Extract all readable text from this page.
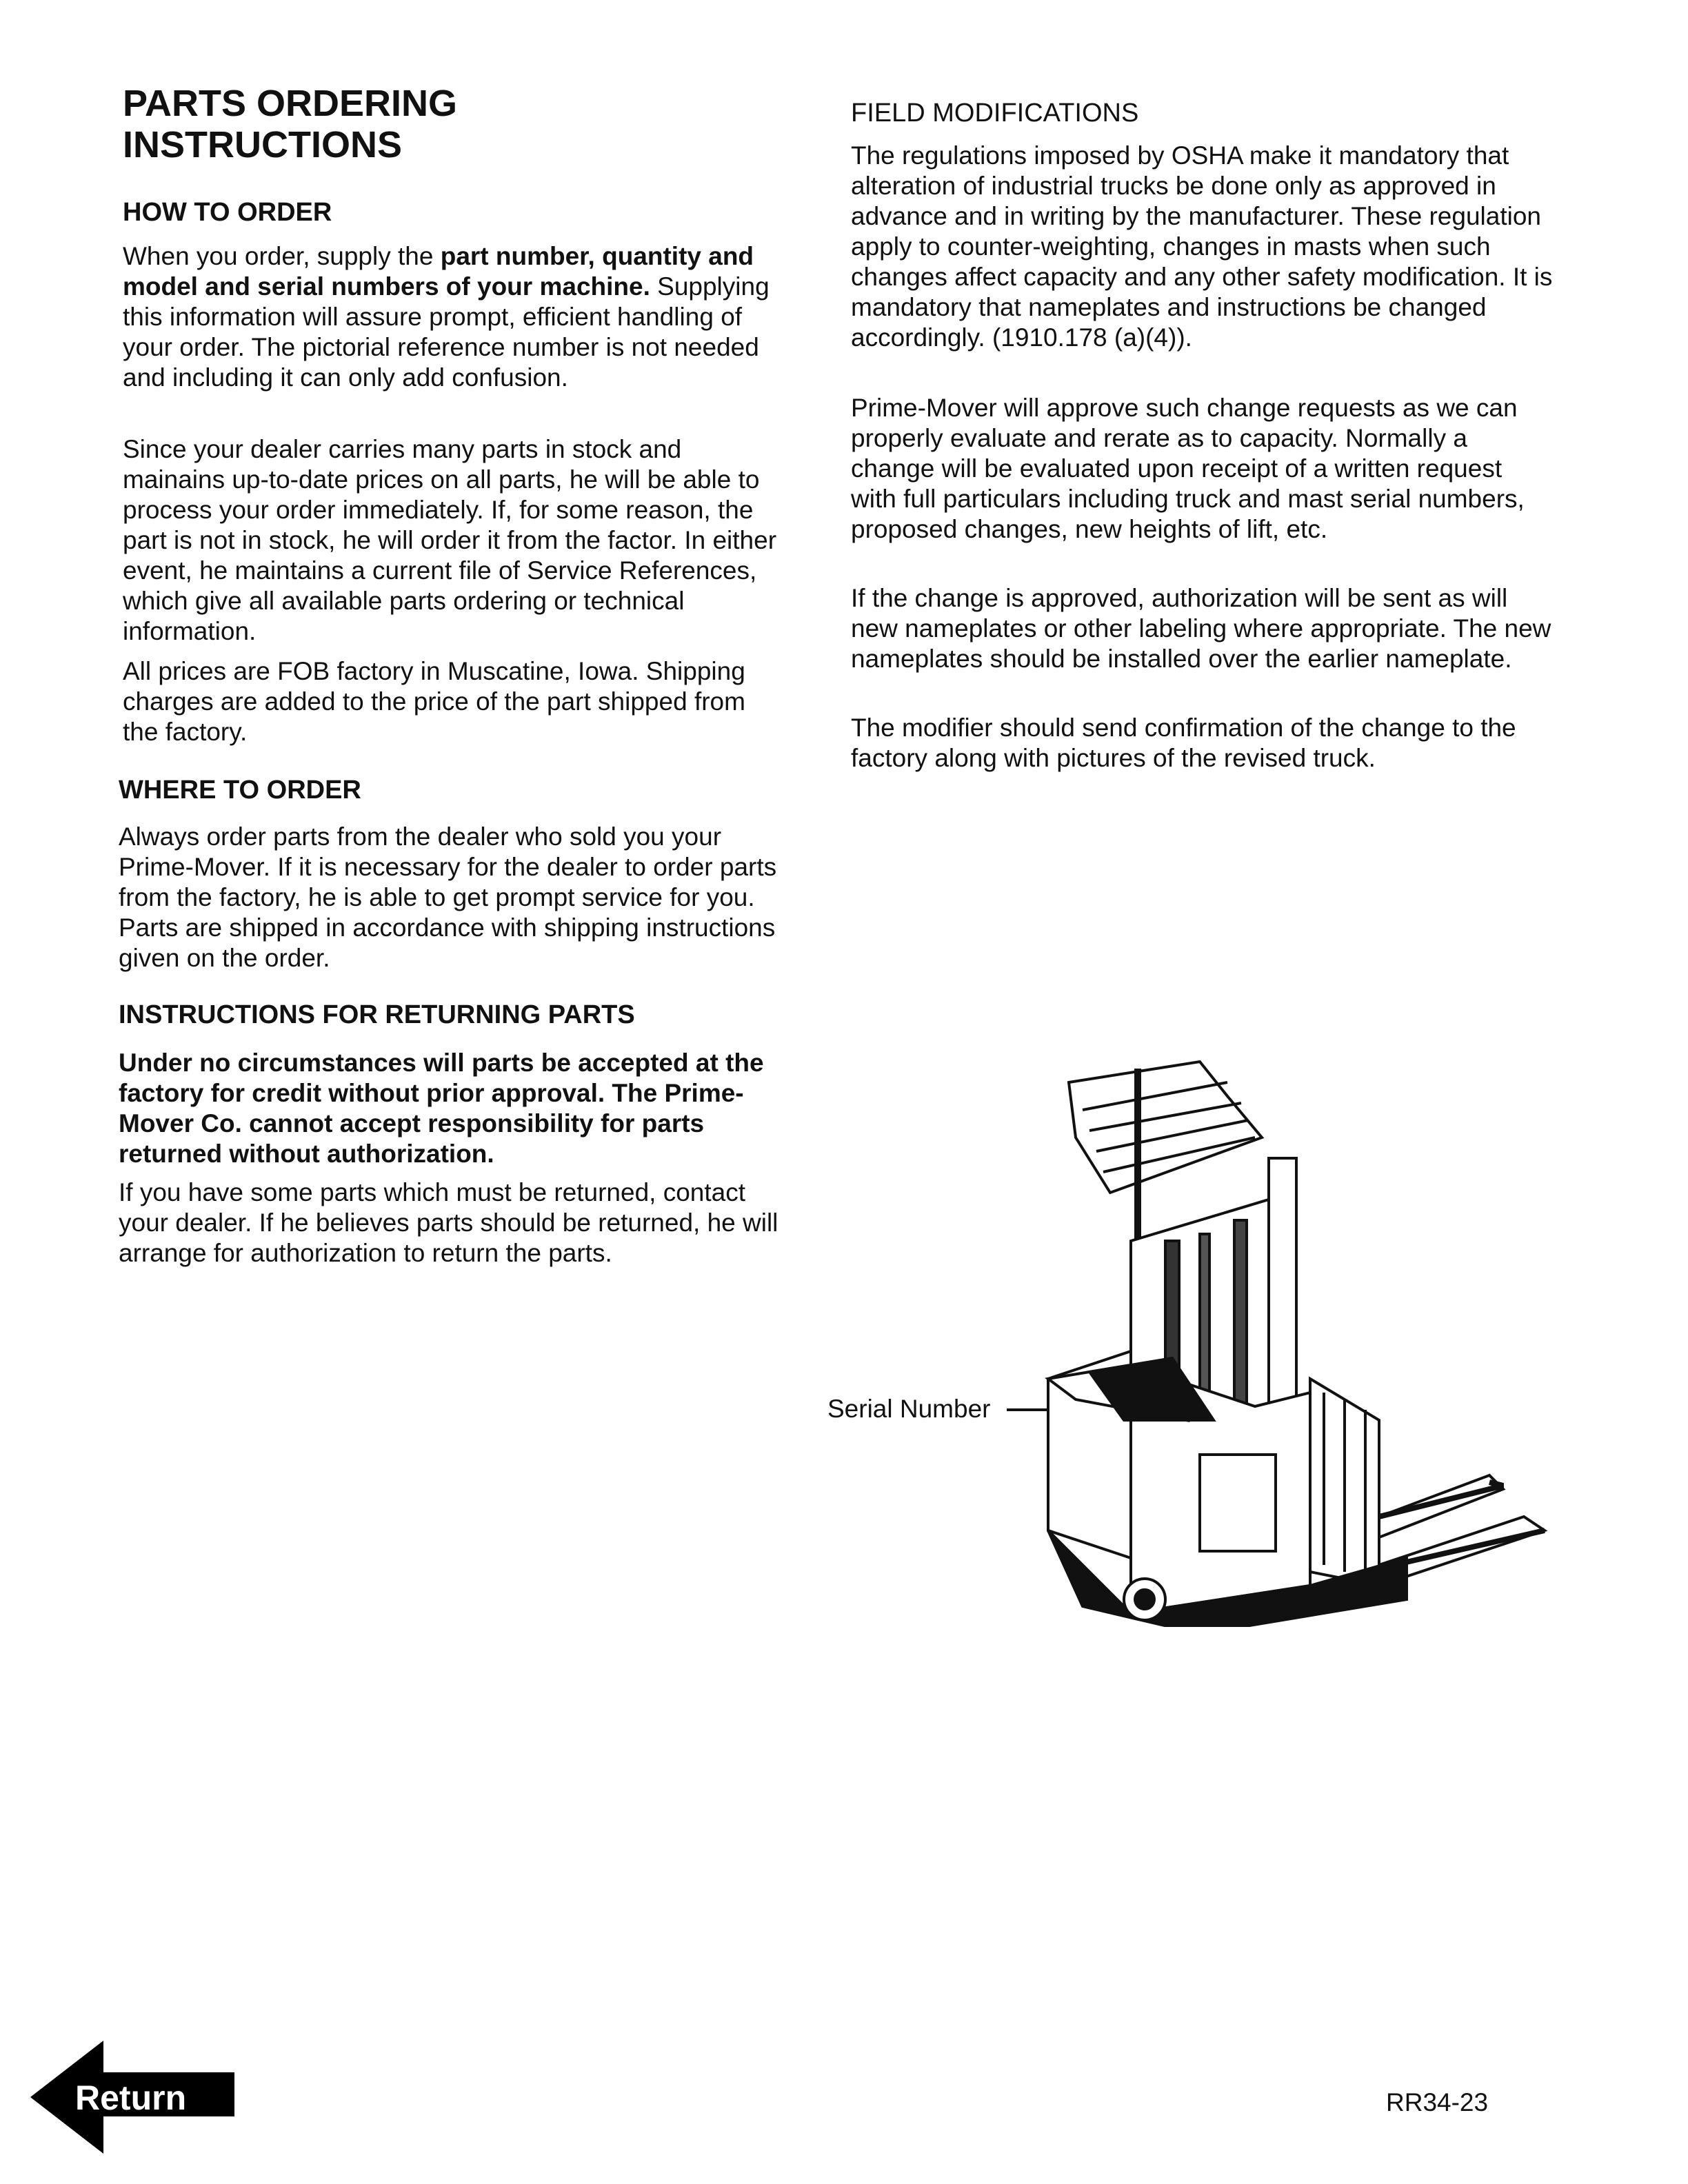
PARTS ORDERING INSTRUCTIONS
HOW TO ORDER
When you order, supply the part number, quantity and model and serial numbers of your machine. Supplying this information will assure prompt, efficient handling of your order. The pictorial reference number is not needed and including it can only add confusion.
Since your dealer carries many parts in stock and mainains up-to-date prices on all parts, he will be able to process your order immediately. If, for some reason, the part is not in stock, he will order it from the factor. In either event, he maintains a current file of Service References, which give all available parts ordering or technical information.
All prices are FOB factory in Muscatine, Iowa. Shipping charges are added to the price of the part shipped from the factory.
WHERE TO ORDER
Always order parts from the dealer who sold you your Prime-Mover. If it is necessary for the dealer to order parts from the factory, he is able to get prompt service for you. Parts are shipped in accordance with shipping instructions given on the order.
INSTRUCTIONS FOR RETURNING PARTS
Under no circumstances will parts be accepted at the factory for credit without prior approval. The Prime-Mover Co. cannot accept responsibility for parts returned without authorization.
If you have some parts which must be returned, contact your dealer. If he believes parts should be returned, he will arrange for authorization to return the parts.
FIELD MODIFICATIONS
The regulations imposed by OSHA make it mandatory that alteration of industrial trucks be done only as approved in advance and in writing by the manufacturer. These regulation apply to counter-weighting, changes in masts when such changes affect capacity and any other safety modification. It is mandatory that nameplates and instructions be changed accordingly. (1910.178 (a)(4)).
Prime-Mover will approve such change requests as we can properly evaluate and rerate as to capacity. Normally a change will be evaluated upon receipt of a written request with full particulars including truck and mast serial numbers, proposed changes, new heights of lift, etc.
If the change is approved, authorization will be sent as will new nameplates or other labeling where appropriate. The new nameplates should be installed over the earlier nameplate.
The modifier should send confirmation of the change to the factory along with pictures of the revised truck.
Serial Number
Return	RR34-23
